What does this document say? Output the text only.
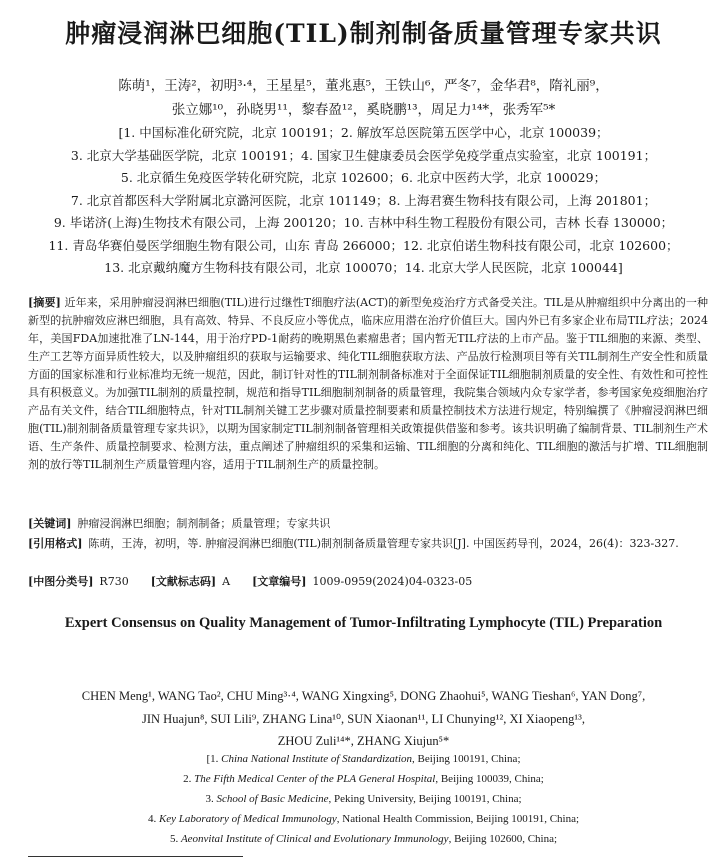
肿瘤浸润淋巴细胞(TIL)制剂制备质量管理专家共识
陈萌¹，王涛²，初明³·⁴，王星星⁵，董兆惠⁵，王铁山⁶，严冬⁷，金华君⁸，隋礼丽⁹，
张立娜¹⁰，孙晓男¹¹，黎春盈¹²，奚晓鹏¹³，周足力¹⁴*，张秀军⁵*
[1. 中国标准化研究院，北京 100191；2. 解放军总医院第五医学中心，北京 100039；
3. 北京大学基础医学院，北京 100191；4. 国家卫生健康委员会医学免疫学重点实验室，北京 100191；
5. 北京循生免疫医学转化研究院，北京 102600；6. 北京中医药大学，北京 100029；
7. 北京首都医科大学附属北京潞河医院，北京 101149；8. 上海君赛生物科技有限公司，上海 201801；
9. 毕诺济(上海)生物技术有限公司，上海 200120；10. 吉林中科生物工程股份有限公司，吉林 长春 130000；
11. 青岛华赛伯曼医学细胞生物有限公司，山东 青岛 266000；12. 北京伯诺生物科技有限公司，北京 102600；
13. 北京戴纳魔方生物科技有限公司，北京 100070；14. 北京大学人民医院，北京 100044]
[摘要] 近年来，采用肿瘤浸润淋巴细胞(TIL)进行过继性T细胞疗法(ACT)的新型免疫治疗方式备受关注。TIL是从肿瘤组织中分离出的一种新型的抗肿瘤效应淋巴细胞，具有高效、特异、不良反应小等优点，临床应用潜在治疗价值巨大。国内外已有多家企业布局TIL疗法；2024年，美国FDA加速批准了LN-144，用于治疗PD-1耐药的晚期黑色素瘤患者；国内暂无TIL疗法的上市产品。鉴于TIL细胞的来源、类型、生产工艺等方面异质性较大，以及肿瘤组织的获取与运输要求、纯化TIL细胞获取方法、产品放行检测项目等有关TIL制剂生产安全性和质量方面的国家标准和行业标准均无统一规范，因此，制订针对性的TIL制剂制备标准对于全面保证TIL细胞制剂质量的安全性、有效性和可控性具有积极意义。为加强TIL制剂的质量控制，规范和指导TIL细胞制剂制备的质量管理，我院集合领域内众专家学者，参考国家免疫细胞治疗产品有关文件，结合TIL细胞特点，针对TIL制剂关键工艺步骤对质量控制要素和质量控制技术方法进行规定，特别编撰了《肿瘤浸润淋巴细胞(TIL)制剂制备质量管理专家共识》，以期为国家制定TIL制剂制备管理相关政策提供借鉴和参考。该共识明确了编制背景、TIL制剂生产术语、生产条件、质量控制要求、检测方法，重点阐述了肿瘤组织的采集和运输、TIL细胞的分离和纯化、TIL细胞的激活与扩增、TIL细胞制剂的放行等TIL制剂生产质量管理内容，适用于TIL制剂生产的质量控制。
[关键词] 肿瘤浸润淋巴细胞；制剂制备；质量管理；专家共识
[引用格式] 陈萌，王涛，初明，等. 肿瘤浸润淋巴细胞(TIL)制剂制备质量管理专家共识[J]. 中国医药导刊，2024，26(4)：323-327.
[中图分类号] R730 [文献标志码] A [文章编号] 1009-0959(2024)04-0323-05
Expert Consensus on Quality Management of Tumor-Infiltrating Lymphocyte (TIL) Preparation
CHEN Meng¹, WANG Tao², CHU Ming³·⁴, WANG Xingxing⁵, DONG Zhaohui⁵, WANG Tieshan⁶, YAN Dong⁷,
JIN Huajun⁸, SUI Lili⁹, ZHANG Lina¹⁰, SUN Xiaonan¹¹, LI Chunying¹², XI Xiaopeng¹³,
ZHOU Zuli¹⁴*, ZHANG Xiujun⁵*
[1. China National Institute of Standardization, Beijing 100191, China;
2. The Fifth Medical Center of the PLA General Hospital, Beijing 100039, China;
3. School of Basic Medicine, Peking University, Beijing 100191, China;
4. Key Laboratory of Medical Immunology, National Health Commission, Beijing 100191, China;
5. Aeonvital Institute of Clinical and Evolutionary Immunology, Beijing 102600, China;
